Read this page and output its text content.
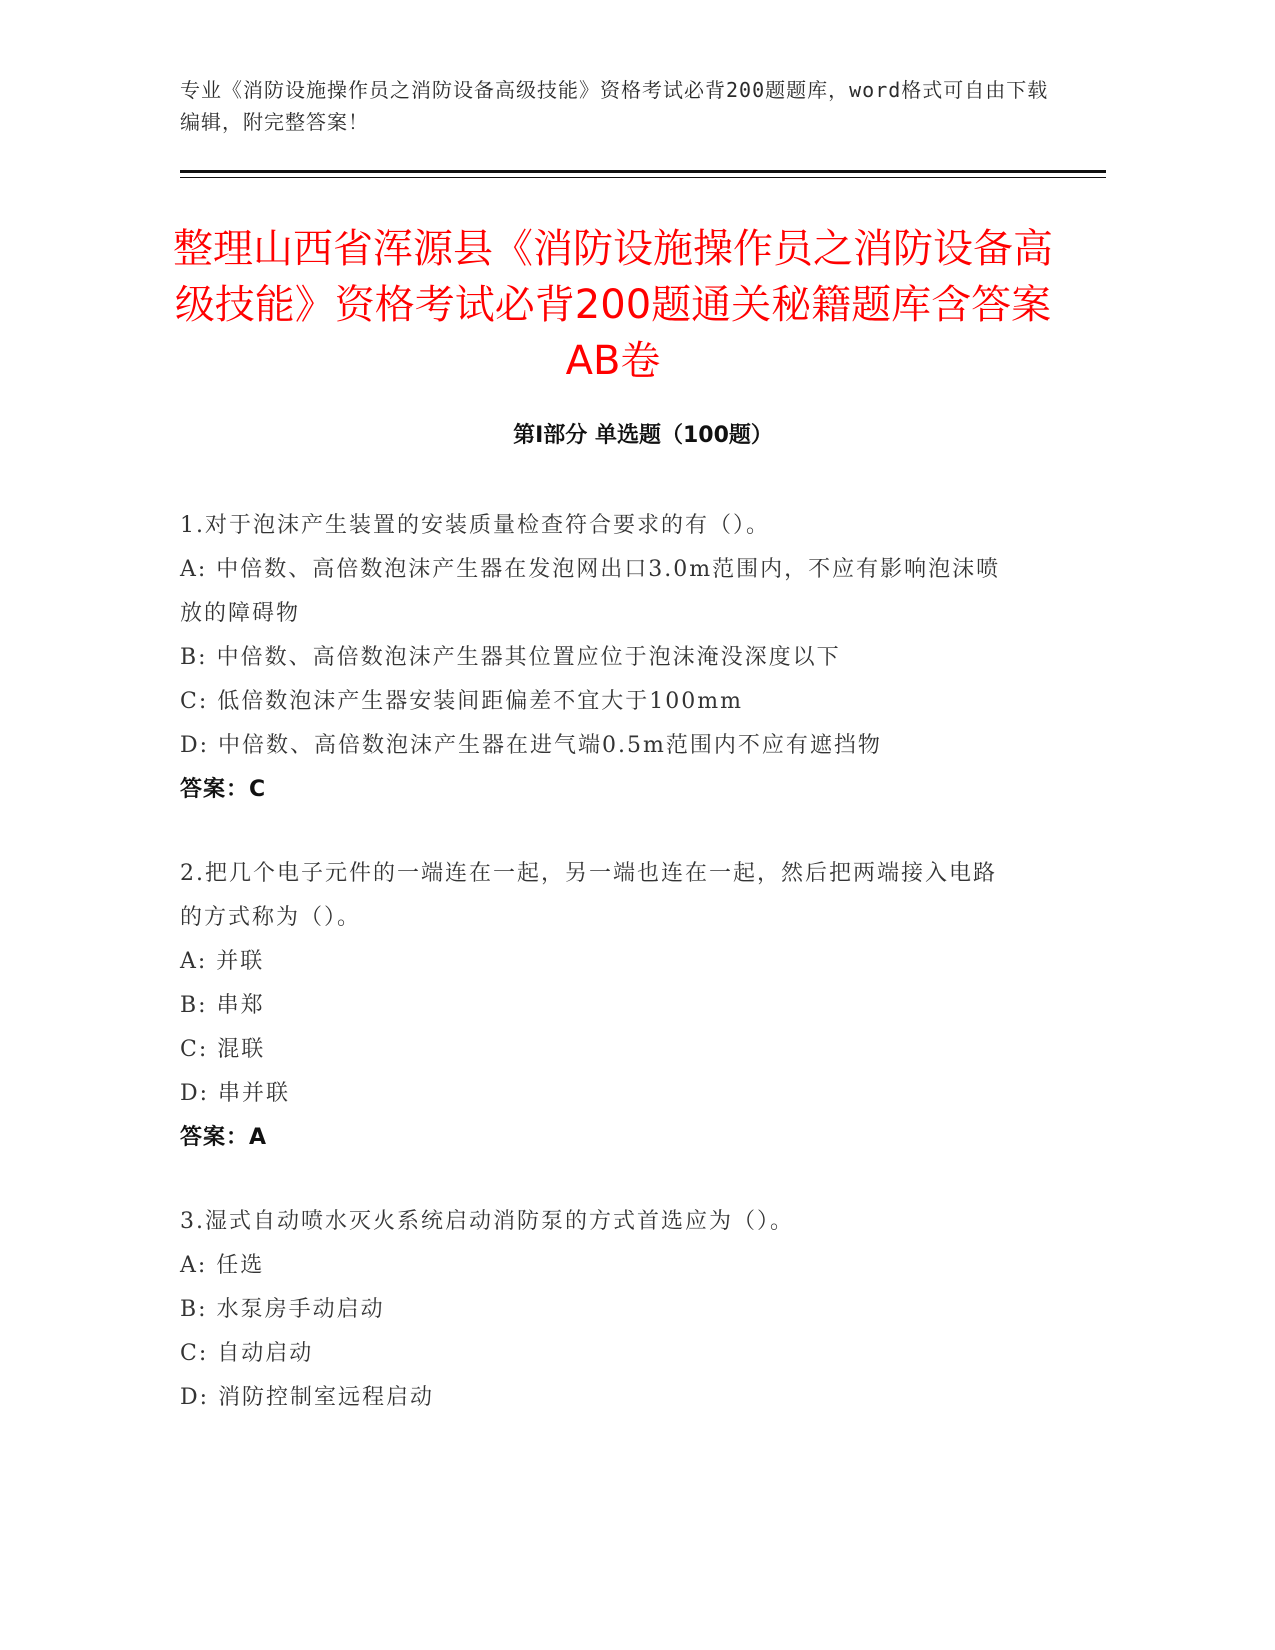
专业《消防设施操作员之消防设备高级技能》资格考试必背200题题库，word格式可自由下载编辑，附完整答案！
整理山西省浑源县《消防设施操作员之消防设备高级技能》资格考试必背200题通关秘籍题库含答案AB卷
第Ⅰ部分 单选题（100题）

1.对于泡沫产生装置的安装质量检查符合要求的有（）。

A: 中倍数、高倍数泡沫产生器在发泡网出口3.0m范围内，不应有影响泡沫喷放的障碍物

B: 中倍数、高倍数泡沫产生器其位置应位于泡沫淹没深度以下

C: 低倍数泡沫产生器安装间距偏差不宜大于100mm

D: 中倍数、高倍数泡沫产生器在进气端0.5m范围内不应有遮挡物

答案：C

2.把几个电子元件的一端连在一起，另一端也连在一起，然后把两端接入电路的方式称为（）。

A: 并联

B: 串郑

C: 混联

D: 串并联

答案：A

3.湿式自动喷水灭火系统启动消防泵的方式首选应为（）。

A: 任选

B: 水泵房手动启动

C: 自动启动

D: 消防控制室远程启动
